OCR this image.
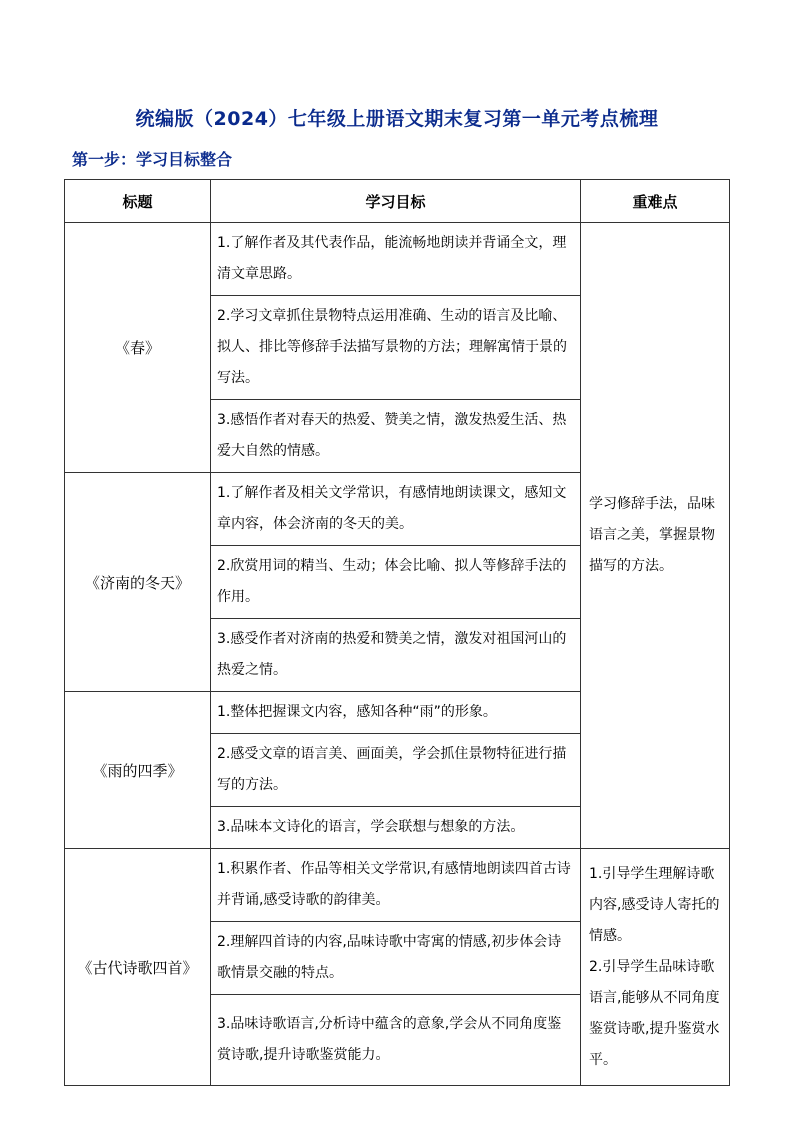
统编版（2024）七年级上册语文期末复习第一单元考点梳理
第一步：学习目标整合
标题	学习目标	重难点
《春》	1.了解作者及其代表作品，能流畅地朗读并背诵全文，理清文章思路。	学习修辞手法，品味语言之美，掌握景物描写的方法。
	2.学习文章抓住景物特点运用准确、生动的语言及比喻、拟人、排比等修辞手法描写景物的方法；理解寓情于景的写法。	
	3.感悟作者对春天的热爱、赞美之情，激发热爱生活、热爱大自然的情感。	
《济南的冬天》	1.了解作者及相关文学常识，有感情地朗读课文，感知文章内容，体会济南的冬天的美。	
	2.欣赏用词的精当、生动；体会比喻、拟人等修辞手法的作用。	
	3.感受作者对济南的热爱和赞美之情，激发对祖国河山的热爱之情。	
《雨的四季》	1.整体把握课文内容，感知各种“雨”的形象。	
	2.感受文章的语言美、画面美，学会抓住景物特征进行描写的方法。	
	3.品味本文诗化的语言，学会联想与想象的方法。	
《古代诗歌四首》	1.积累作者、作品等相关文学常识,有感情地朗读四首古诗并背诵,感受诗歌的韵律美。	1.引导学生理解诗歌内容,感受诗人寄托的情感。
2.引导学生品味诗歌语言,能够从不同角度鉴赏诗歌,提升鉴赏水平。

	2.理解四首诗的内容,品味诗歌中寄寓的情感,初步体会诗歌情景交融的特点。	
	3.品味诗歌语言,分析诗中蕴含的意象,学会从不同角度鉴赏诗歌,提升诗歌鉴赏能力。	
